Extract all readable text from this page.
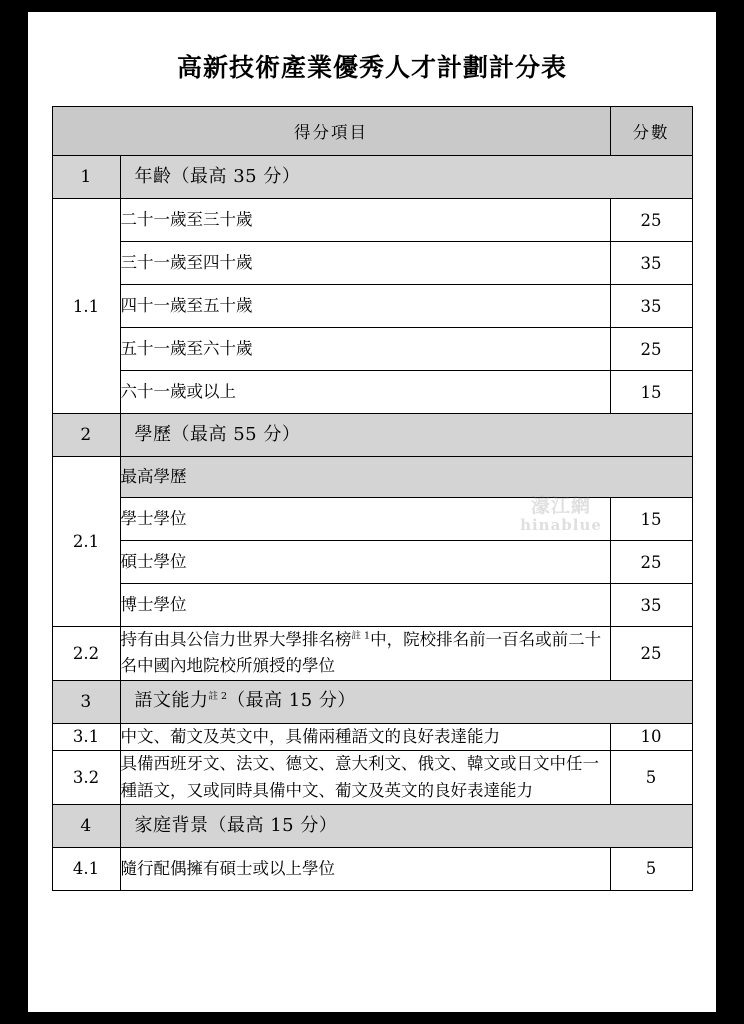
高新技術產業優秀人才計劃計分表
得分項目		分數
1	年齡（最高 35 分）	
1.1	二十一歲至三十歲	25
	三十一歲至四十歲	35
	四十一歲至五十歲	35
	五十一歲至六十歲	25
	六十一歲或以上	15
2	學歷（最高 55 分）	
2.1	最高學歷	
	學士學位	15
	碩士學位	25
	博士學位	35
2.2	持有由具公信力世界大學排名榜$^{註 1}$中，院校排名前一百名或前二十名中國內地院校所頒授的學位	25
3	語文能力$^{註 2}$（最高 15 分）	
3.1	中文、葡文及英文中，具備兩種語文的良好表達能力	10
3.2	具備西班牙文、法文、德文、意大利文、俄文、韓文或日文中任一種語文，又或同時具備中文、葡文及英文的良好表達能力	5
4	家庭背景（最高 15 分）	
4.1	隨行配偶擁有碩士或以上學位	5
濠江網
hinablue
